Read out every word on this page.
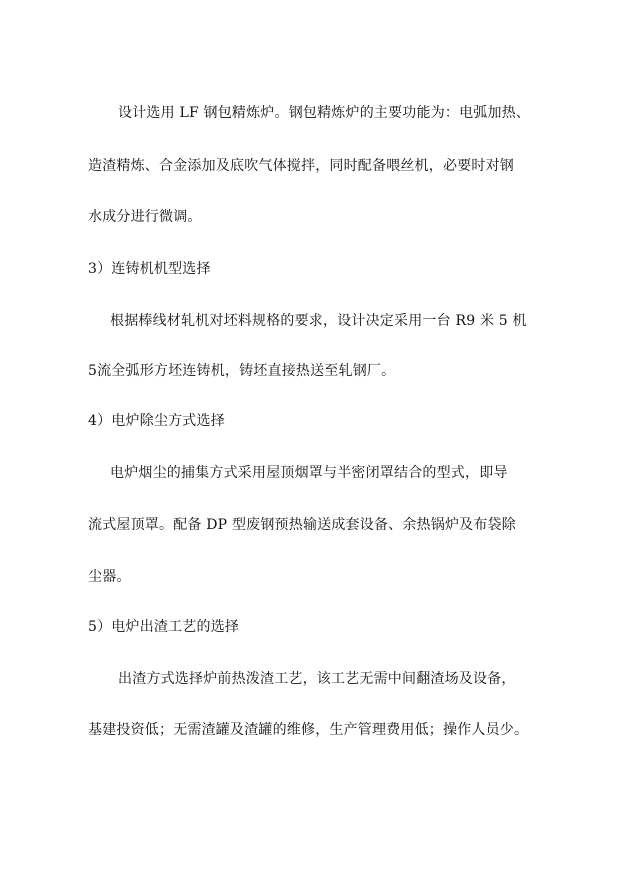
设计选用 LF 钢包精炼炉。钢包精炼炉的主要功能为：电弧加热、

造渣精炼、合金添加及底吹气体搅拌，同时配备喂丝机，必要时对钢

水成分进行微调。

3）连铸机机型选择

根据棒线材轧机对坯料规格的要求，设计决定采用一台 R9 米 5 机

5流全弧形方坯连铸机，铸坯直接热送至轧钢厂。

4）电炉除尘方式选择

电炉烟尘的捕集方式采用屋顶烟罩与半密闭罩结合的型式，即导

流式屋顶罩。配备 DP 型废钢预热输送成套设备、余热锅炉及布袋除

尘器。

5）电炉出渣工艺的选择

出渣方式选择炉前热泼渣工艺，该工艺无需中间翻渣场及设备，

基建投资低；无需渣罐及渣罐的维修，生产管理费用低；操作人员少。
